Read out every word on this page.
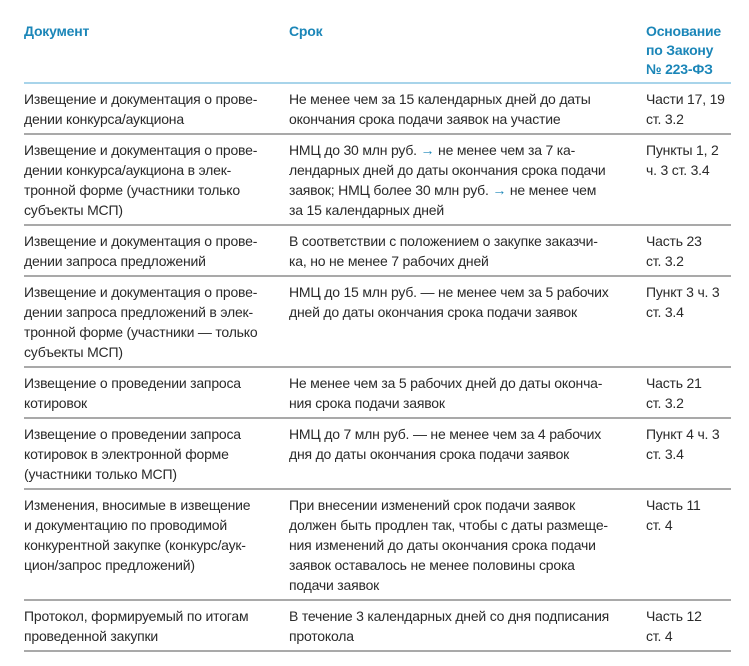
Документ	Срок	Основание
по Закону
№ 223-ФЗ
Извещение и документация о прове-
дении конкурса/аукциона
Не менее чем за 15 календарных дней до даты
окончания срока подачи заявок на участие
Части 17, 19
ст. 3.2
Извещение и документация о прове-
дении конкурса/аукциона в элек-
тронной форме (участники только
субъекты МСП)
НМЦ до 30 млн руб. → не менее чем за 7 ка-
лендарных дней до даты окончания срока подачи
заявок; НМЦ более 30 млн руб. → не менее чем
за 15 календарных дней
Пункты 1, 2
ч. 3 ст. 3.4
Извещение и документация о прове-
дении запроса предложений
В соответствии с положением о закупке заказчи-
ка, но не менее 7 рабочих дней
Часть 23
ст. 3.2
Извещение и документация о прове-
дении запроса предложений в элек-
тронной форме (участники — только
субъекты МСП)
НМЦ до 15 млн руб. — не менее чем за 5 рабочих
дней до даты окончания срока подачи заявок
Пункт 3 ч. 3
ст. 3.4
Извещение о проведении запроса
котировок
Не менее чем за 5 рабочих дней до даты оконча-
ния срока подачи заявок
Часть 21
ст. 3.2
Извещение о проведении запроса
котировок в электронной форме
(участники только МСП)
НМЦ до 7 млн руб. — не менее чем за 4 рабочих
дня до даты окончания срока подачи заявок
Пункт 4 ч. 3
ст. 3.4
Изменения, вносимые в извещение
и документацию по проводимой
конкурентной закупке (конкурс/аук-
цион/запрос предложений)
При внесении изменений срок подачи заявок
должен быть продлен так, чтобы с даты размеще-
ния изменений до даты окончания срока подачи
заявок оставалось не менее половины срока
подачи заявок
Часть 11
ст. 4
Протокол, формируемый по итогам
проведенной закупки
В течение 3 календарных дней со дня подписания
протокола
Часть 12
ст. 4
